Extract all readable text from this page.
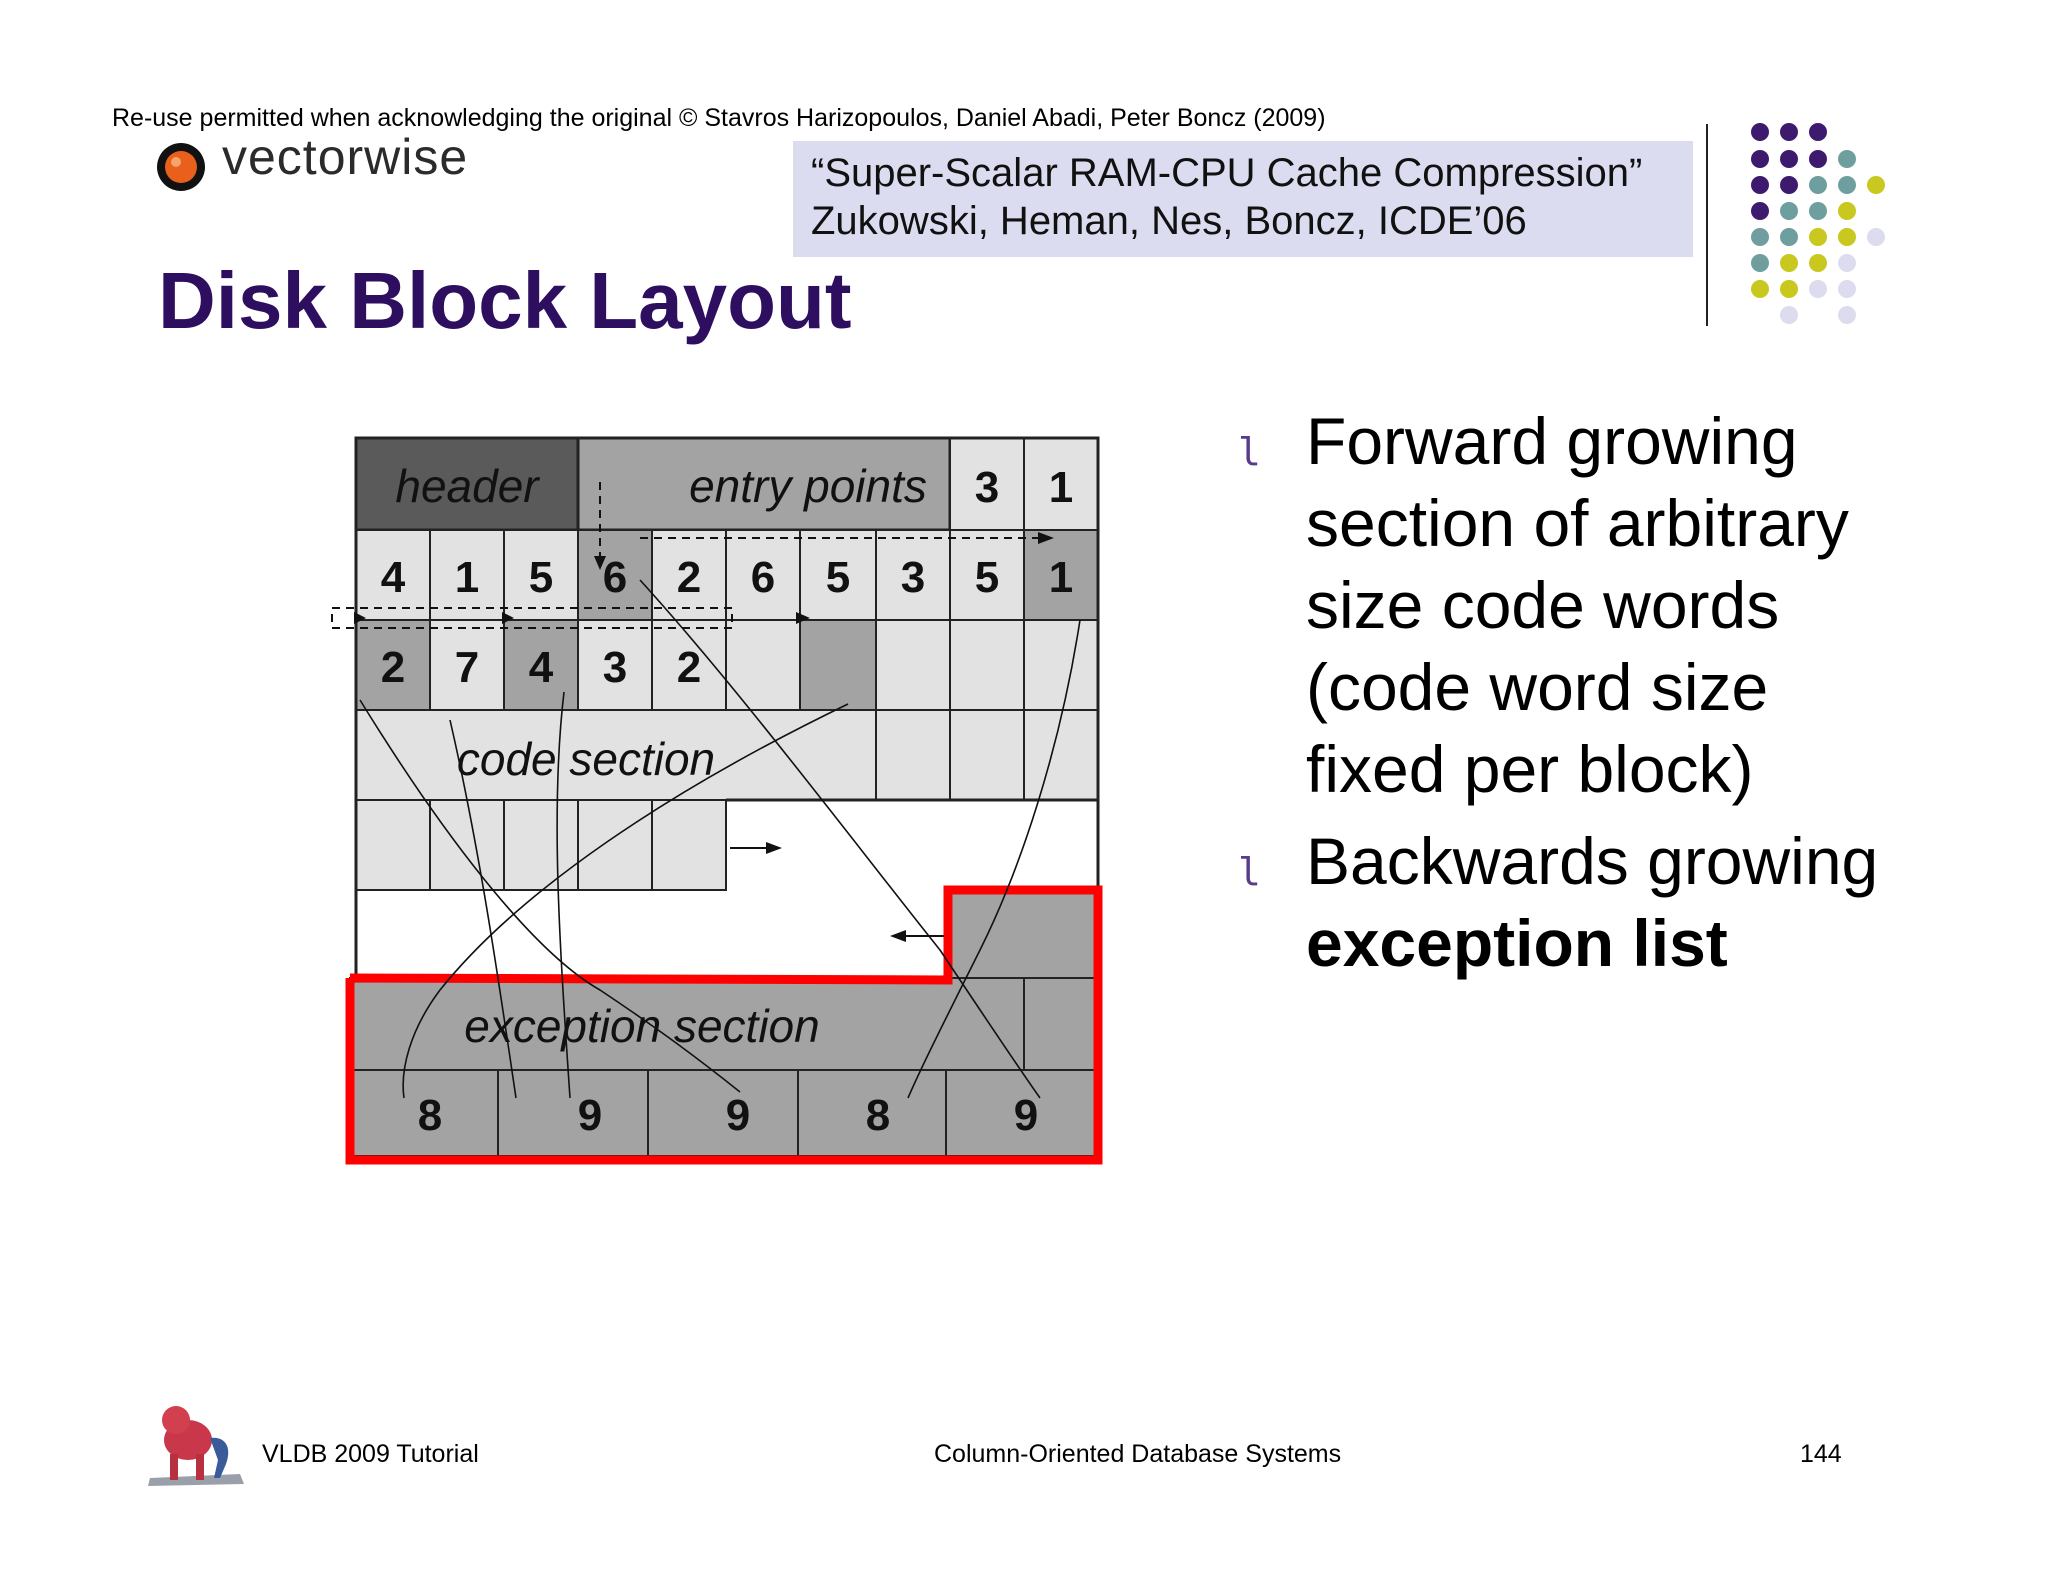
Re-use permitted when acknowledging the original © Stavros Harizopoulos, Daniel Abadi, Peter Boncz (2009)
vectorwise	“Super-Scalar RAM-CPU Cache Compression”
Zukowski, Heman, Nes, Boncz, ICDE’06
Disk Block Layout
header	entry points 3 1
4 1 5 6 2 6 5 3 5 1
2 7 4 3 2
code section
exception section
8	9	9	8	9
l Forward growing
section of arbitrary
size code words
(code word size
fixed per block)
l Backwards growing
exception list
VLDB 2009 Tutorial	Column-Oriented Database Systems	144
